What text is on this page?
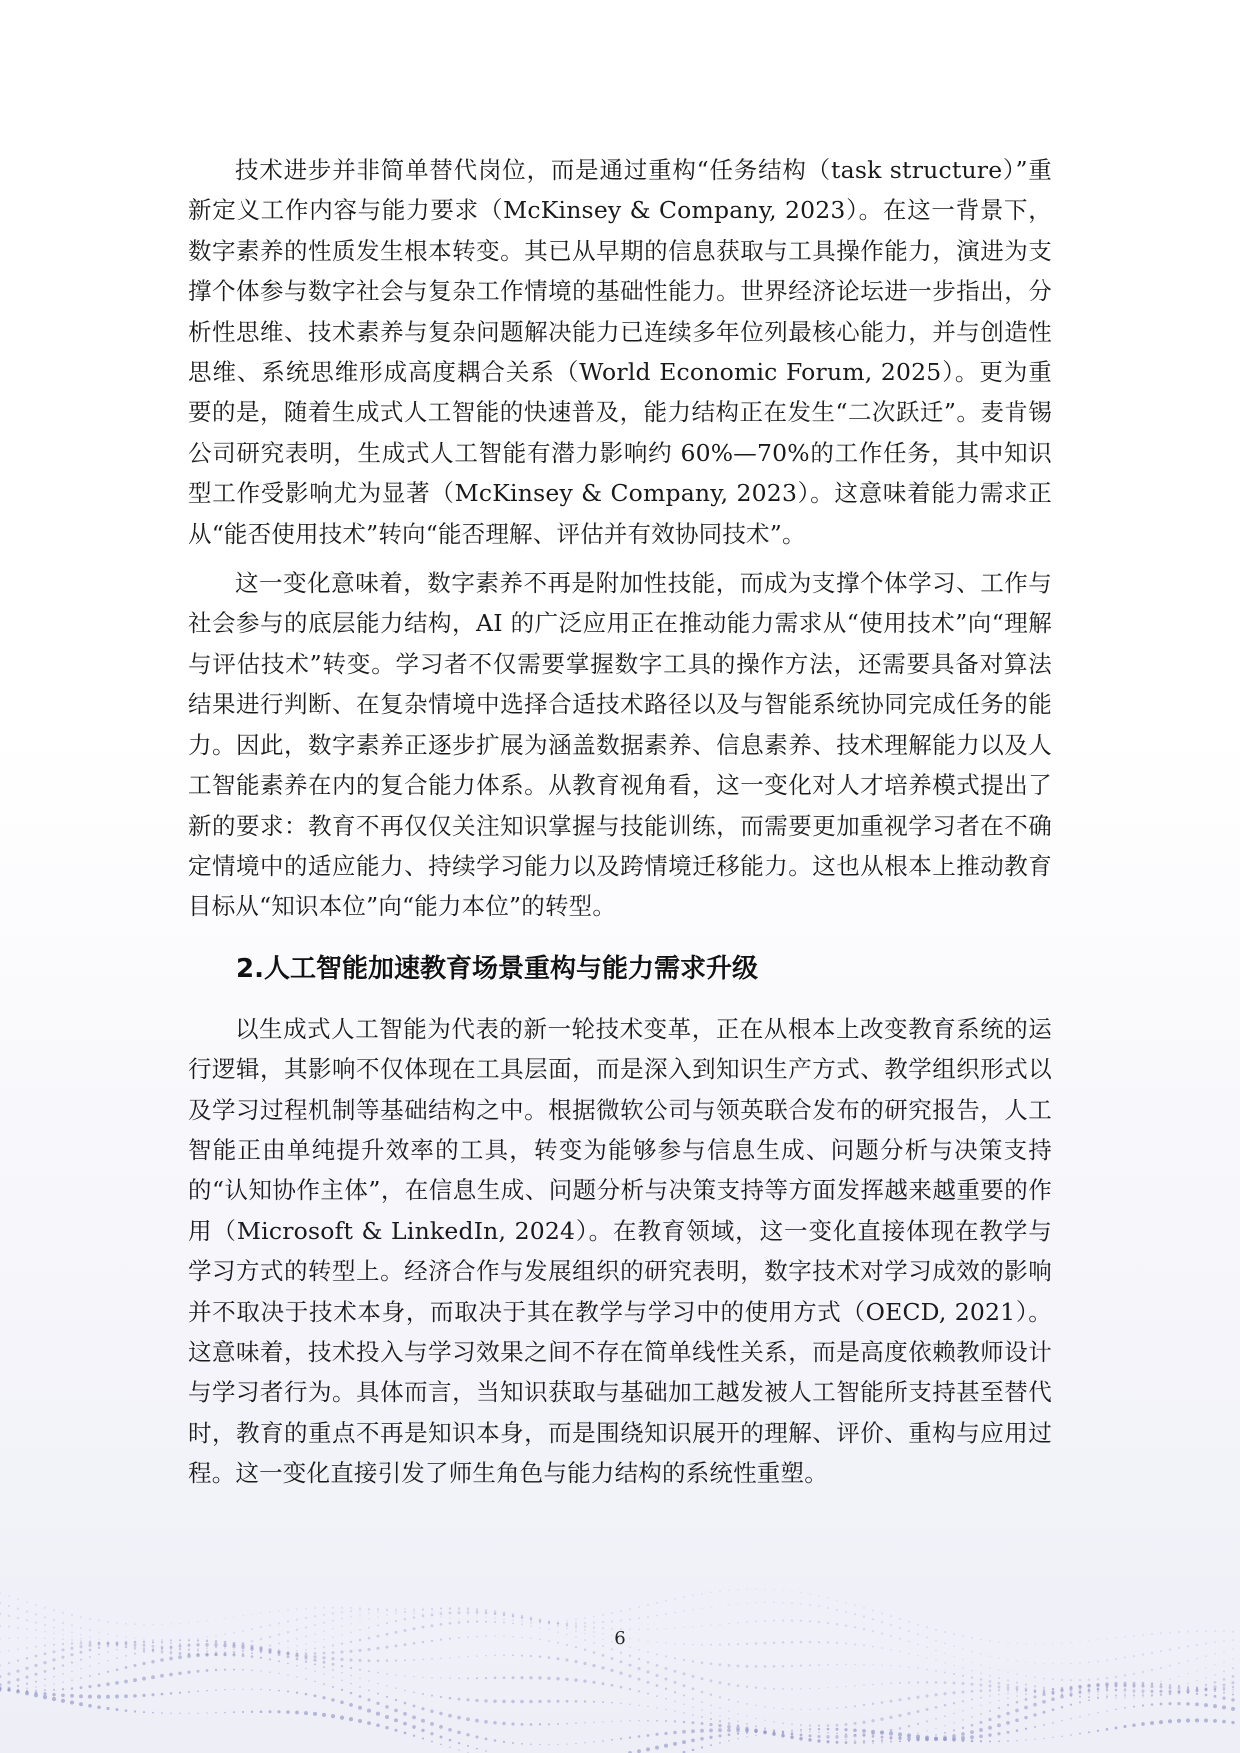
技术进步并非简单替代岗位，而是通过重构“任务结构（task structure）”重新定义工作内容与能力要求（McKinsey & Company, 2023）。在这一背景下，数字素养的性质发生根本转变。其已从早期的信息获取与工具操作能力，演进为支撑个体参与数字社会与复杂工作情境的基础性能力。世界经济论坛进一步指出，分析性思维、技术素养与复杂问题解决能力已连续多年位列最核心能力，并与创造性思维、系统思维形成高度耦合关系（World Economic Forum, 2025）。更为重要的是，随着生成式人工智能的快速普及，能力结构正在发生“二次跃迁”。麦肯锡公司研究表明，生成式人工智能有潜力影响约 60%—70%的工作任务，其中知识型工作受影响尤为显著（McKinsey & Company, 2023）。这意味着能力需求正从“能否使用技术”转向“能否理解、评估并有效协同技术”。

这一变化意味着，数字素养不再是附加性技能，而成为支撑个体学习、工作与社会参与的底层能力结构，AI 的广泛应用正在推动能力需求从“使用技术”向“理解与评估技术”转变。学习者不仅需要掌握数字工具的操作方法，还需要具备对算法结果进行判断、在复杂情境中选择合适技术路径以及与智能系统协同完成任务的能力。因此，数字素养正逐步扩展为涵盖数据素养、信息素养、技术理解能力以及人工智能素养在内的复合能力体系。从教育视角看，这一变化对人才培养模式提出了新的要求：教育不再仅仅关注知识掌握与技能训练，而需要更加重视学习者在不确定情境中的适应能力、持续学习能力以及跨情境迁移能力。这也从根本上推动教育目标从“知识本位”向“能力本位”的转型。

2.人工智能加速教育场景重构与能力需求升级

以生成式人工智能为代表的新一轮技术变革，正在从根本上改变教育系统的运行逻辑，其影响不仅体现在工具层面，而是深入到知识生产方式、教学组织形式以及学习过程机制等基础结构之中。根据微软公司与领英联合发布的研究报告，人工智能正由单纯提升效率的工具，转变为能够参与信息生成、问题分析与决策支持的“认知协作主体”，在信息生成、问题分析与决策支持等方面发挥越来越重要的作用（Microsoft & LinkedIn, 2024）。在教育领域，这一变化直接体现在教学与学习方式的转型上。经济合作与发展组织的研究表明，数字技术对学习成效的影响并不取决于技术本身，而取决于其在教学与学习中的使用方式（OECD, 2021）。这意味着，技术投入与学习效果之间不存在简单线性关系，而是高度依赖教师设计与学习者行为。具体而言，当知识获取与基础加工越发被人工智能所支持甚至替代时，教育的重点不再是知识本身，而是围绕知识展开的理解、评价、重构与应用过程。这一变化直接引发了师生角色与能力结构的系统性重塑。

6
